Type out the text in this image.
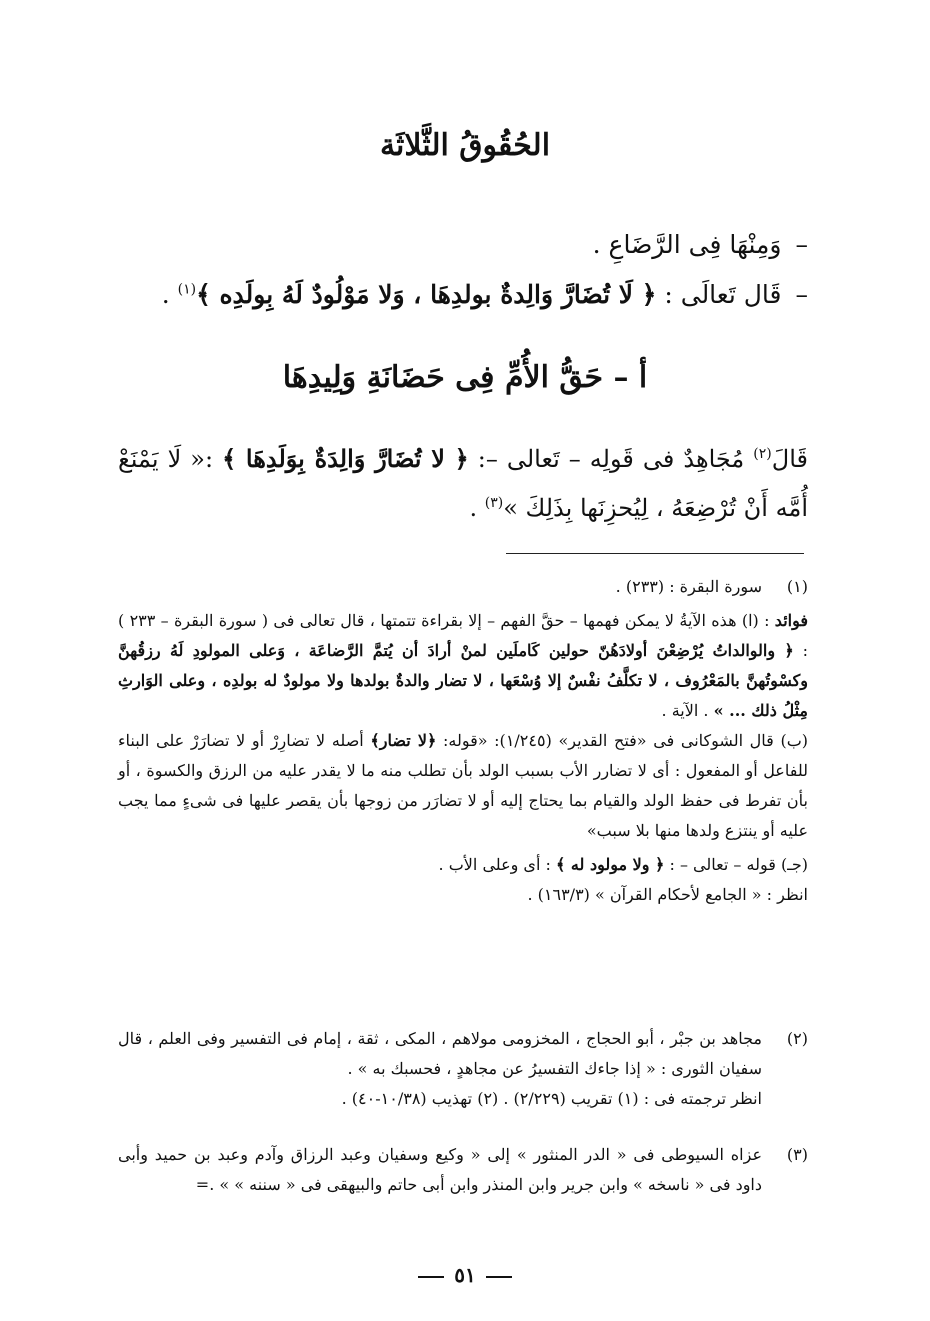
الحُقُوقُ الثَّلاثَة
–وَمِنْهَا فِى الرَّضَاعِ .
–قَال تَعالَى : ﴿ لَا تُضَارَّ وَالِدةٌ بولدِهَا ، وَلا مَوْلُودٌ لَهُ بِولَدِه ﴾$^{(١)}$ .
أ – حَقُّ الأُمِّ فِى حَضَانَةِ وَلِيدِهَا
قَالَ$^{(٢)}$ مُجَاهِدٌ فى قَولِه – تَعالى –: ﴿ لا تُضَارَّ وَالِدَةٌ بِوَلَدِهَا ﴾ :« لَا يَمْنَعْ أُمَّه أَنْ تُرْضِعَهُ ، لِيُحزِنَها بِذَلِكَ »$^{(٣)}$ .
(١)

سورة البقرة : (٢٣٣) .

فوائد : (ا) هذه الآيةُ لا يمكن فهمها – حقَّ الفهم – إلا بقراءة تتمتها ، قال تعالى فى ( سورة البقرة – ٢٣٣ ) : ﴿ والوالداتُ يُرْضِعْنَ أولادَهُنّ حولين كَاملَين لمنْ أرادَ أن يُتمَّ الرَّضاعَة ، وَعلى المولودِ لَهُ رزقُهنَّ وكسْوتُهنَّ بالمَعْرُوف ، لا تكلَّفُ نفْسٌ إلا وُسْعَها ، لا تضار والدةٌ بولدها ولا مولودٌ له بولدِه ، وعلى الوَارثِ مِثْلُ ذلك ... » . الآية .

(ب) قال الشوكانى فى «فتح القدير» (١/٢٤٥): «قوله: ﴿لا تضار﴾ أصله لا تضارِرْ أو لا تضارَرْ على البناء للفاعل أو المفعول : أى لا تضارر الأب بسبب الولد بأن تطلب منه ما لا يقدر عليه من الرزق والكسوة ، أو بأن تفرط فى حفظ الولد والقيام بما يحتاج إليه أو لا تضارَر من زوجها بأن يقصر عليها فى شىءٍ مما يجب عليه أو ينتزع ولدها منها بلا سبب»

(جـ) قوله – تعالى – : ﴿ ولا مولود له ﴾ : أى وعلى الأب .

انظر : « الجامع لأحكام القرآن » (١٦٣/٣) .

(٢)

مجاهد بن جبْر ، أبو الحجاج ، المخزومى مولاهم ، المكى ، ثقة ، إمام فى التفسير وفى العلم ، قال سفيان الثورى : « إذا جاءك التفسيرُ عن مجاهدٍ ، فحسبك به » .

انظر ترجمته فى : (١) تقريب (٢/٢٢٩) . (٢) تهذيب (١٠/٣٨-٤٠) .

(٣)

عزاه السيوطى فى « الدر المنثور » إلى « وكيع وسفيان وعبد الرزاق وآدم وعبد بن حميد وأبى داود فى « ناسخه » وابن جرير وابن المنذر وابن أبى حاتم والبيهقى فى « سننه » » .=

٥١
